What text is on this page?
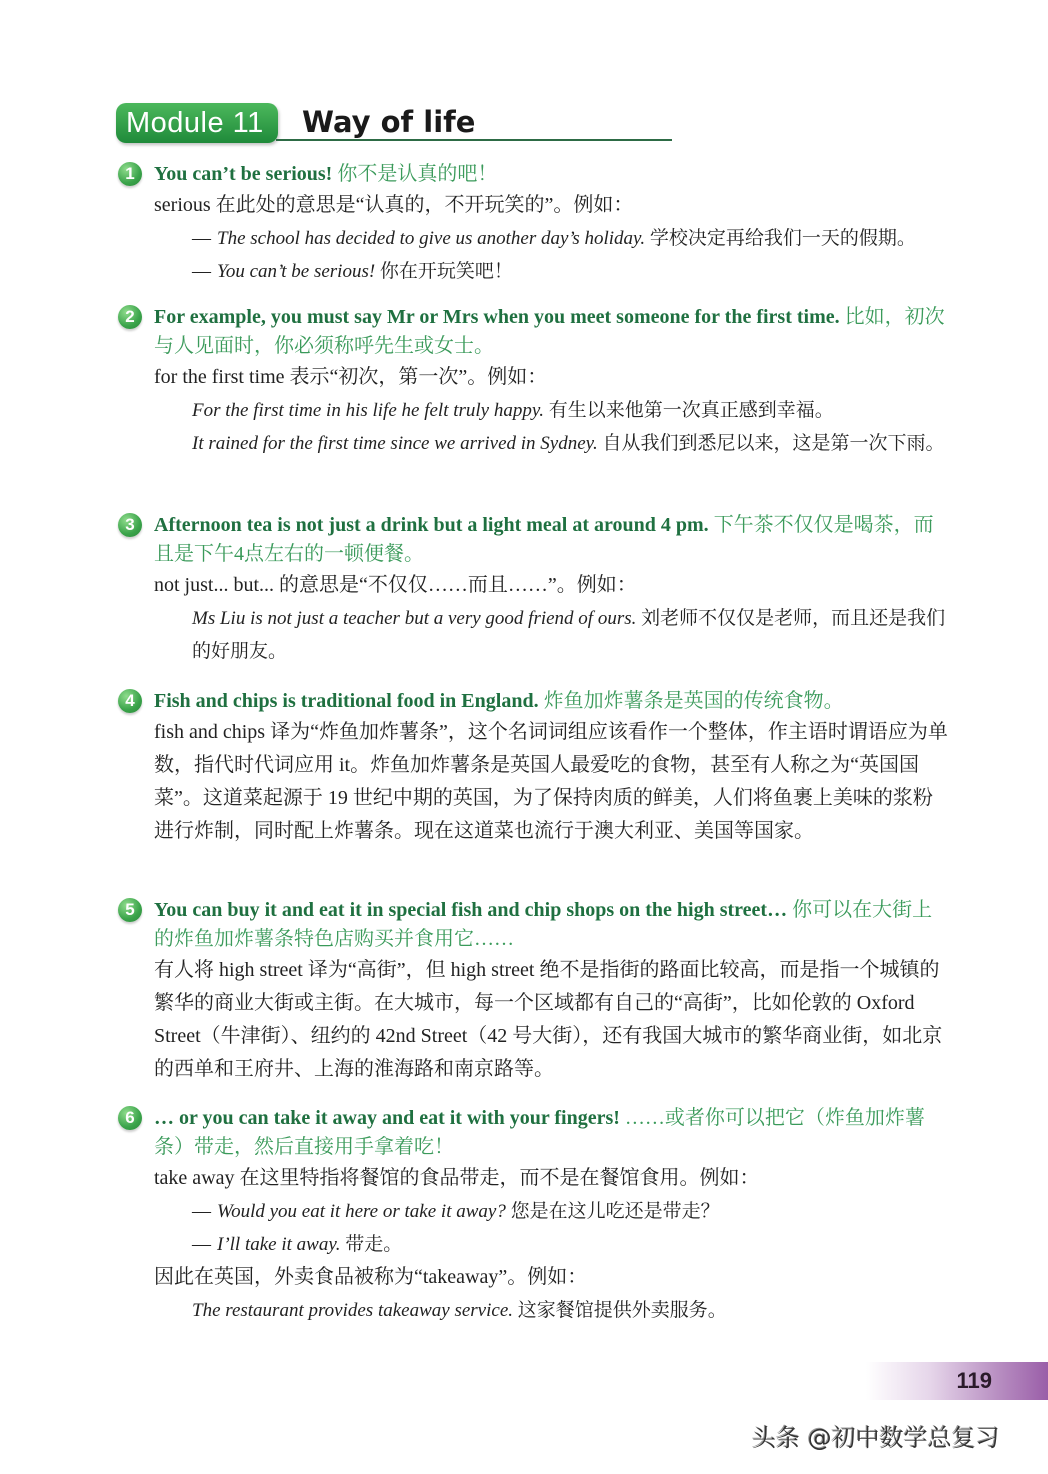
Module 11	Way of life
1 You can’t be serious! 你不是认真的吧！
serious 在此处的意思是“认真的，不开玩笑的”。例如：
— The school has decided to give us another day’s holiday. 学校决定再给我们一天的假期。
— You can’t be serious! 你在开玩笑吧！
2 For example, you must say Mr or Mrs when you meet someone for the first time. 比如，初次与人见面时，你必须称呼先生或女士。
for the first time 表示“初次，第一次”。例如：
For the first time in his life he felt truly happy. 有生以来他第一次真正感到幸福。
It rained for the first time since we arrived in Sydney. 自从我们到悉尼以来，这是第一次下雨。
3 Afternoon tea is not just a drink but a light meal at around 4 pm. 下午茶不仅仅是喝茶，而且是下午4点左右的一顿便餐。
not just... but... 的意思是“不仅仅……而且……”。例如：
Ms Liu is not just a teacher but a very good friend of ours. 刘老师不仅仅是老师，而且还是我们的好朋友。
4 Fish and chips is traditional food in England. 炸鱼加炸薯条是英国的传统食物。
fish and chips 译为“炸鱼加炸薯条”，这个名词词组应该看作一个整体，作主语时谓语应为单数，指代时代词应用 it。炸鱼加炸薯条是英国人最爱吃的食物，甚至有人称之为“英国国菜”。这道菜起源于 19 世纪中期的英国，为了保持肉质的鲜美，人们将鱼裹上美味的浆粉进行炸制，同时配上炸薯条。现在这道菜也流行于澳大利亚、美国等国家。
5 You can buy it and eat it in special fish and chip shops on the high street… 你可以在大街上的炸鱼加炸薯条特色店购买并食用它……
有人将 high street 译为“高街”，但 high street 绝不是指街的路面比较高，而是指一个城镇的繁华的商业大街或主街。在大城市，每一个区域都有自己的“高街”，比如伦敦的 Oxford Street（牛津街）、纽约的 42nd Street（42 号大街），还有我国大城市的繁华商业街，如北京的西单和王府井、上海的淮海路和南京路等。
6 … or you can take it away and eat it with your fingers! ……或者你可以把它（炸鱼加炸薯条）带走，然后直接用手拿着吃！
take away 在这里特指将餐馆的食品带走，而不是在餐馆食用。例如：
— Would you eat it here or take it away? 您是在这儿吃还是带走？
— I’ll take it away. 带走。
因此在英国，外卖食品被称为“takeaway”。例如：
The restaurant provides takeaway service. 这家餐馆提供外卖服务。
119
头条 @初中数学总复习
